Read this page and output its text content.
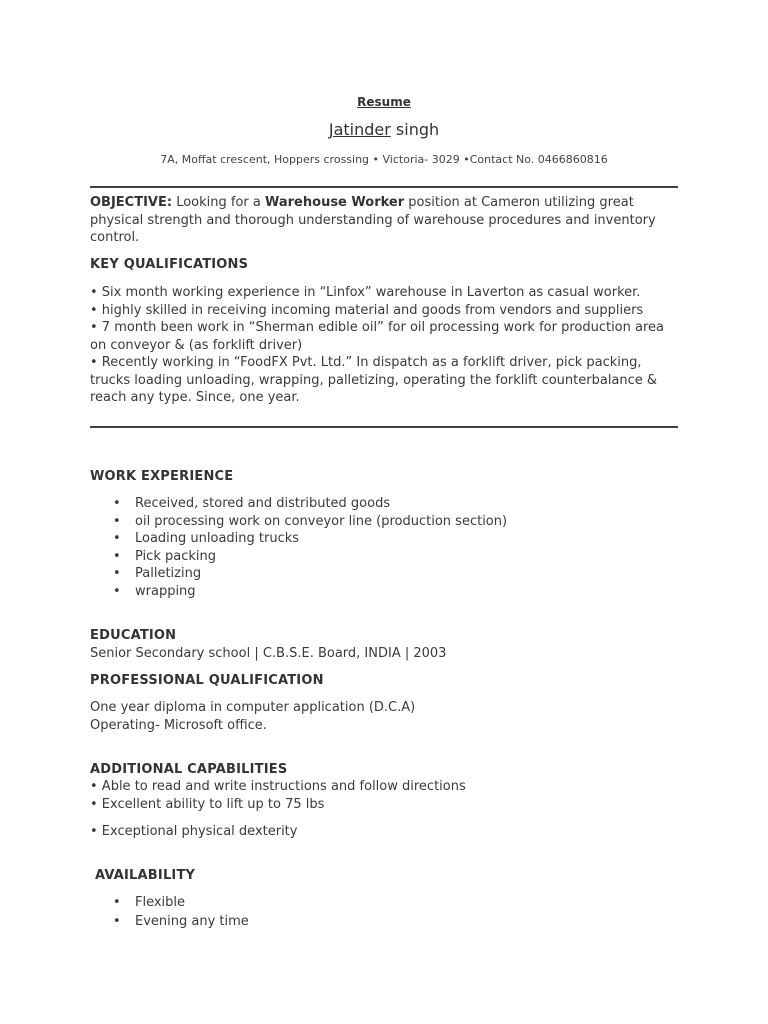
Resume
Jatinder singh
7A, Moffat crescent, Hoppers crossing • Victoria- 3029 •Contact No. 0466860816
OBJECTIVE: Looking for a Warehouse Worker position at Cameron utilizing great physical strength and thorough understanding of warehouse procedures and inventory control.
KEY QUALIFICATIONS
• Six month working experience in “Linfox” warehouse in Laverton as casual worker.
• highly skilled in receiving incoming material and goods from vendors and suppliers
• 7 month been work in “Sherman edible oil” for oil processing work for production area on conveyor & (as forklift driver)
• Recently working in “FoodFX Pvt. Ltd.” In dispatch as a forklift driver, pick packing, trucks loading unloading, wrapping, palletizing, operating the forklift counterbalance & reach any type. Since, one year.
WORK EXPERIENCE
• Received, stored and distributed goods
• oil processing work on conveyor line (production section)
• Loading unloading trucks
• Pick packing
• Palletizing
• wrapping
EDUCATION
Senior Secondary school | C.B.S.E. Board, INDIA | 2003
PROFESSIONAL QUALIFICATION
One year diploma in computer application (D.C.A)
Operating- Microsoft office.
ADDITIONAL CAPABILITIES
• Able to read and write instructions and follow directions
• Excellent ability to lift up to 75 lbs
• Exceptional physical dexterity
AVAILABILITY
• Flexible
• Evening any time
